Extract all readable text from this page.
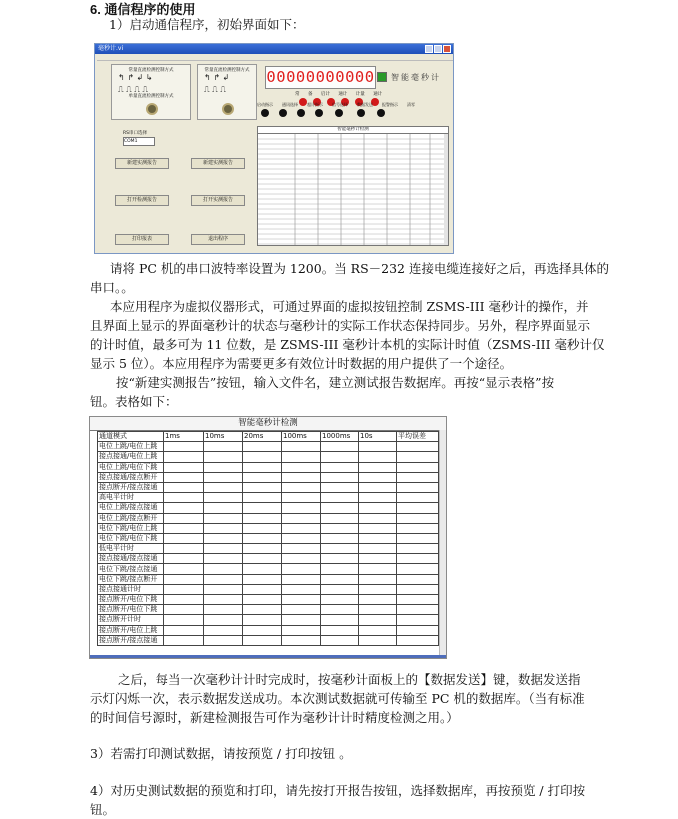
6. 通信程序的使用
1）启动通信程序，初始界面如下：
毫秒计.vi
常量直流检测控制方式
↰ ↱ ↲ ↳
⎍ ⎍ ⎍ ⎍
单量直流检测控制方式
常量直流检测控制方式
↰ ↱ ↲
⎍ ⎍ ⎍
00000000000 智能毫秒计
常 备 启计 通计 计量 通计
启动指示 通讯选择 超计指示 信号选择 数据发送 报警指示 清零
RS串口选择
COM1
新建实测报告	新建实测报告
打开检测报告	打开实测报告
打印报表	退出程序
智能毫秒计检测
请将 PC 机的串口波特率设置为 1200。当 RS－232 连接电缆连接好之后，再选择具体的
串口。。
本应用程序为虚拟仪器形式，可通过界面的虚拟按钮控制 ZSMS-III 毫秒计的操作，并
且界面上显示的界面毫秒计的状态与毫秒计的实际工作状态保持同步。另外，程序界面显示
的计时值，最多可为 11 位数，是 ZSMS-III 毫秒计本机的实际计时值（ZSMS-III 毫秒计仅
显示 5 位）。本应用程序为需要更多有效位计时数据的用户提供了一个途径。
按“新建实测报告”按钮，输入文件名，建立测试报告数据库。再按“显示表格”按
钮。表格如下：
智能毫秒计检测
通道模式	1ms	10ms	20ms	100ms	1000ms	10s	平均误差
电位上跳/电位上跳							
接点接通/电位上跳							
电位上跳/电位下跳							
接点接通/接点断开							
接点断开/接点接通							
高电平计时							
电位上跳/接点接通							
电位上跳/接点断开							
电位下跳/电位上跳							
电位下跳/电位下跳							
低电平计时							
接点接通/接点接通							
电位下跳/接点接通							
电位下跳/接点断开							
接点接通计时							
接点断开/电位下跳							
接点断开/电位下跳							
接点断开计时							
接点断开/电位上跳							
接点断开/接点接通							
之后，每当一次毫秒计计时完成时，按毫秒计面板上的【数据发送】键，数据发送指
示灯闪烁一次，表示数据发送成功。本次测试数据就可传输至 PC 机的数据库。（当有标准
的时间信号源时，新建检测报告可作为毫秒计计时精度检测之用。）
3）若需打印测试数据，请按预览 / 打印按钮 。
4）对历史测试数据的预览和打印，请先按打开报告按钮，选择数据库，再按预览 / 打印按
钮。
